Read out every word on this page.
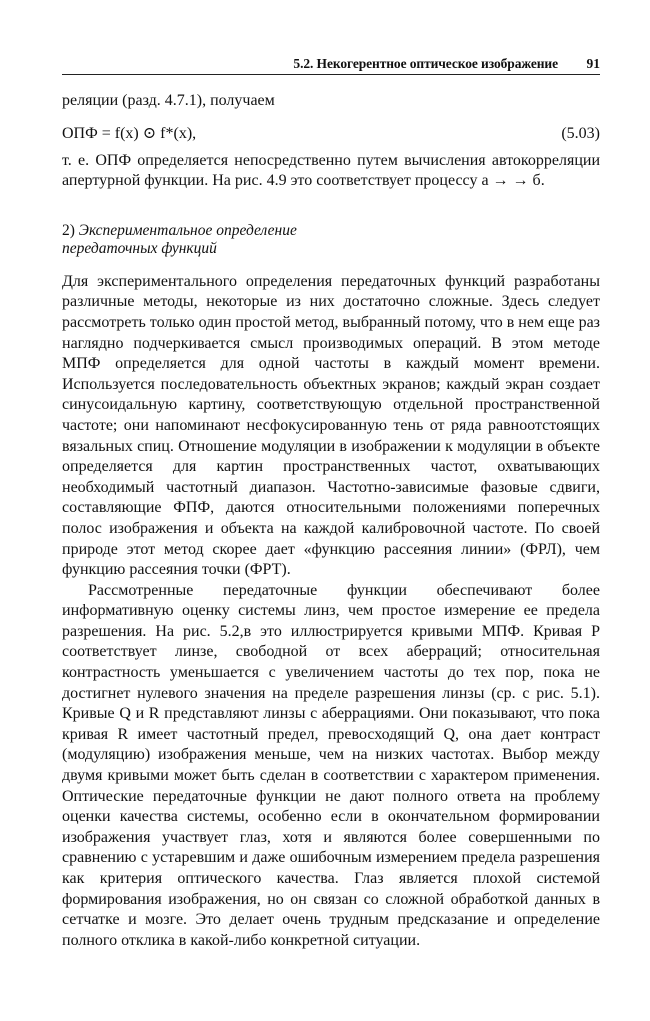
5.2. Некогерентное оптическое изображение 91

реляции (разд. 4.7.1), получаем

ОПФ = f(x) ⊙ f*(x),	(5.03)

т. е. ОПФ определяется непосредственно путем вычисления автокорреляции апертурной функции. На рис. 4.9 это соответствует процессу а → → б.

2) Экспериментальное определение
передаточных функций

Для экспериментального определения передаточных функций разработаны различные методы, некоторые из них достаточно сложные. Здесь следует рассмотреть только один простой метод, выбранный потому, что в нем еще раз наглядно подчеркивается смысл производимых операций. В этом методе МПФ определяется для одной частоты в каждый момент времени. Используется последовательность объектных экранов; каждый экран создает синусоидальную картину, соответствующую отдельной пространственной частоте; они напоминают несфокусированную тень от ряда равноотстоящих вязальных спиц. Отношение модуляции в изображении к модуляции в объекте определяется для картин пространственных частот, охватывающих необходимый частотный диапазон. Частотно-зависимые фазовые сдвиги, составляющие ФПФ, даются относительными положениями поперечных полос изображения и объекта на каждой калибровочной частоте. По своей природе этот метод скорее дает «функцию рассеяния линии» (ФРЛ), чем функцию рассеяния точки (ФРТ).

Рассмотренные передаточные функции обеспечивают более информативную оценку системы линз, чем простое измерение ее предела разрешения. На рис. 5.2,в это иллюстрируется кривыми МПФ. Кривая P соответствует линзе, свободной от всех аберраций; относительная контрастность уменьшается с увеличением частоты до тех пор, пока не достигнет нулевого значения на пределе разрешения линзы (ср. с рис. 5.1). Кривые Q и R представляют линзы с аберрациями. Они показывают, что пока кривая R имеет частотный предел, превосходящий Q, она дает контраст (модуляцию) изображения меньше, чем на низких частотах. Выбор между двумя кривыми может быть сделан в соответствии с характером применения. Оптические передаточные функции не дают полного ответа на проблему оценки качества системы, особенно если в окончательном формировании изображения участвует глаз, хотя и являются более совершенными по сравнению с устаревшим и даже ошибочным измерением предела разрешения как критерия оптического качества. Глаз является плохой системой формирования изображения, но он связан со сложной обработкой данных в сетчатке и мозге. Это делает очень трудным предсказание и определение полного отклика в какой-либо конкретной ситуации.
